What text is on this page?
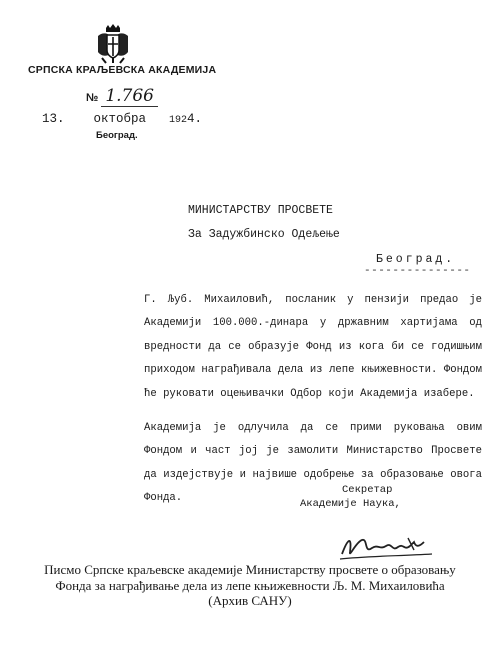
СРПСКА КРАЉЕВСКА АКАДЕМИЈА
№ 1.766
13. октобра 1924.
Београд.
МИНИСТАРСТВУ ПРОСВЕТЕ
За Задужбинско Одељење
Београд.
---------------

Г. Љуб. Михаиловић, посланик у пензији предао је Академији 100.000.-динара у државним хартијама од вредности да се образује Фонд из кога би се годишњим приходом награђивала дела из лепе књижевности. Фондом ће руковати оцењивачки Одбор који Академија изабере.

Академија је одлучила да се прими руковања овим Фондом и част јој је замолити Министарство Просвете да издејствује и највише одобрење за образовање овога Фонда.

Секретар
Академије Наука,
Писмо Српске краљевске академије Министарству просвете о образовању
Фонда за награђивање дела из лепе књижевности Љ. М. Михаиловића
(Архив САНУ)
